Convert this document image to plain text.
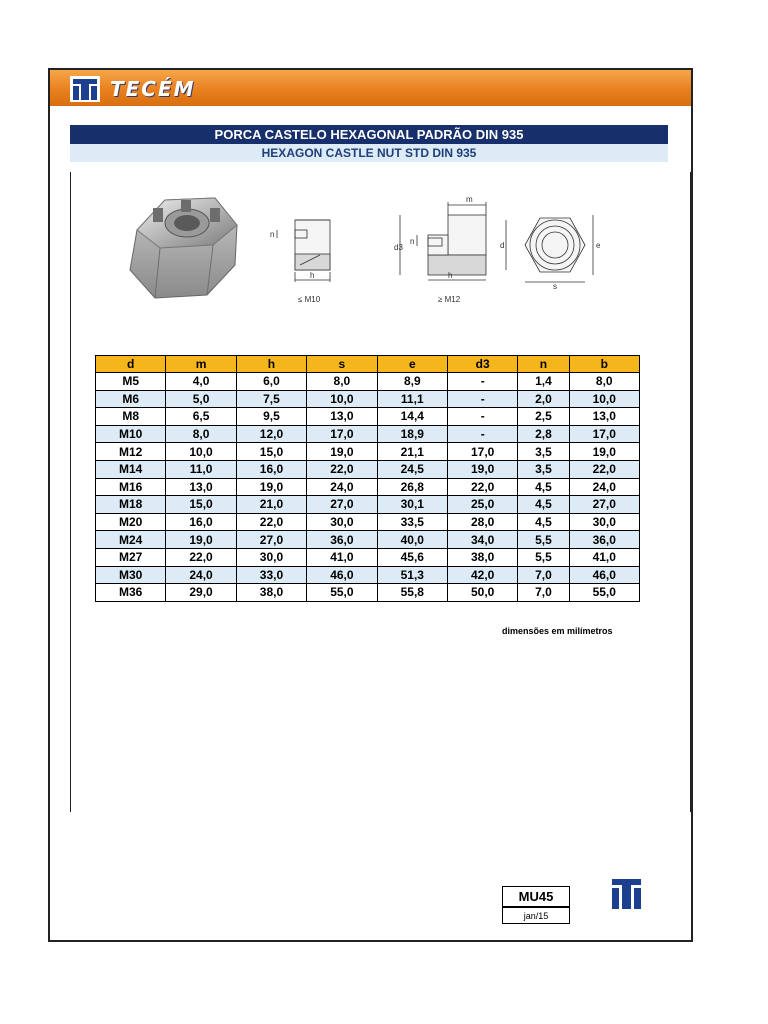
TECÉM
PORCA CASTELO HEXAGONAL PADRÃO DIN 935
HEXAGON CASTLE NUT STD DIN 935
n
h
≤ M10
m
d3
n
h
≥ M12
d	e
s
d	m	h	s	e	d3	n	b
M5	4,0	6,0	8,0	8,9	-	1,4	8,0
M6	5,0	7,5	10,0	11,1	-	2,0	10,0
M8	6,5	9,5	13,0	14,4	-	2,5	13,0
M10	8,0	12,0	17,0	18,9	-	2,8	17,0
M12	10,0	15,0	19,0	21,1	17,0	3,5	19,0
M14	11,0	16,0	22,0	24,5	19,0	3,5	22,0
M16	13,0	19,0	24,0	26,8	22,0	4,5	24,0
M18	15,0	21,0	27,0	30,1	25,0	4,5	27,0
M20	16,0	22,0	30,0	33,5	28,0	4,5	30,0
M24	19,0	27,0	36,0	40,0	34,0	5,5	36,0
M27	22,0	30,0	41,0	45,6	38,0	5,5	41,0
M30	24,0	33,0	46,0	51,3	42,0	7,0	46,0
M36	29,0	38,0	55,0	55,8	50,0	7,0	55,0
dimensões em milímetros
MU45
jan/15
